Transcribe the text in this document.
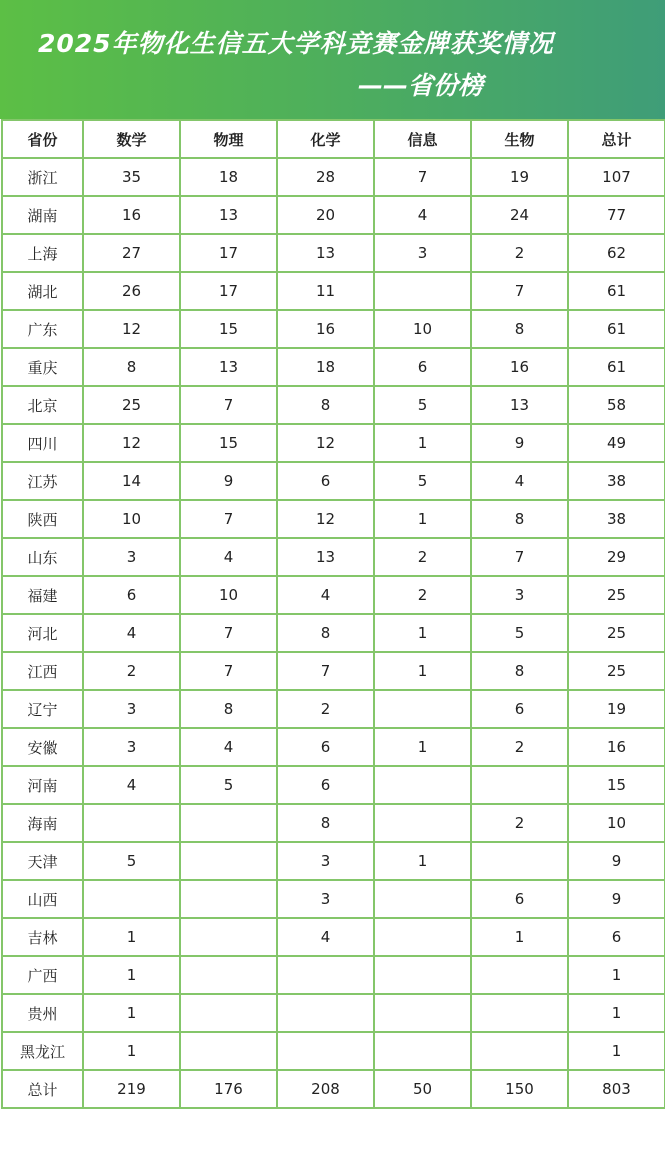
2025年物化生信五大学科竞赛金牌获奖情况
——省份榜
省份	数学	物理	化学	信息	生物	总计
浙江	35	18	28	7	19	107
湖南	16	13	20	4	24	77
上海	27	17	13	3	2	62
湖北	26	17	11		7	61
广东	12	15	16	10	8	61
重庆	8	13	18	6	16	61
北京	25	7	8	5	13	58
四川	12	15	12	1	9	49
江苏	14	9	6	5	4	38
陕西	10	7	12	1	8	38
山东	3	4	13	2	7	29
福建	6	10	4	2	3	25
河北	4	7	8	1	5	25
江西	2	7	7	1	8	25
辽宁	3	8	2		6	19
安徽	3	4	6	1	2	16
河南	4	5	6			15
海南			8		2	10
天津	5		3	1		9
山西			3		6	9
吉林	1		4		1	6
广西	1					1
贵州	1					1
黑龙江	1					1
总计	219	176	208	50	150	803
